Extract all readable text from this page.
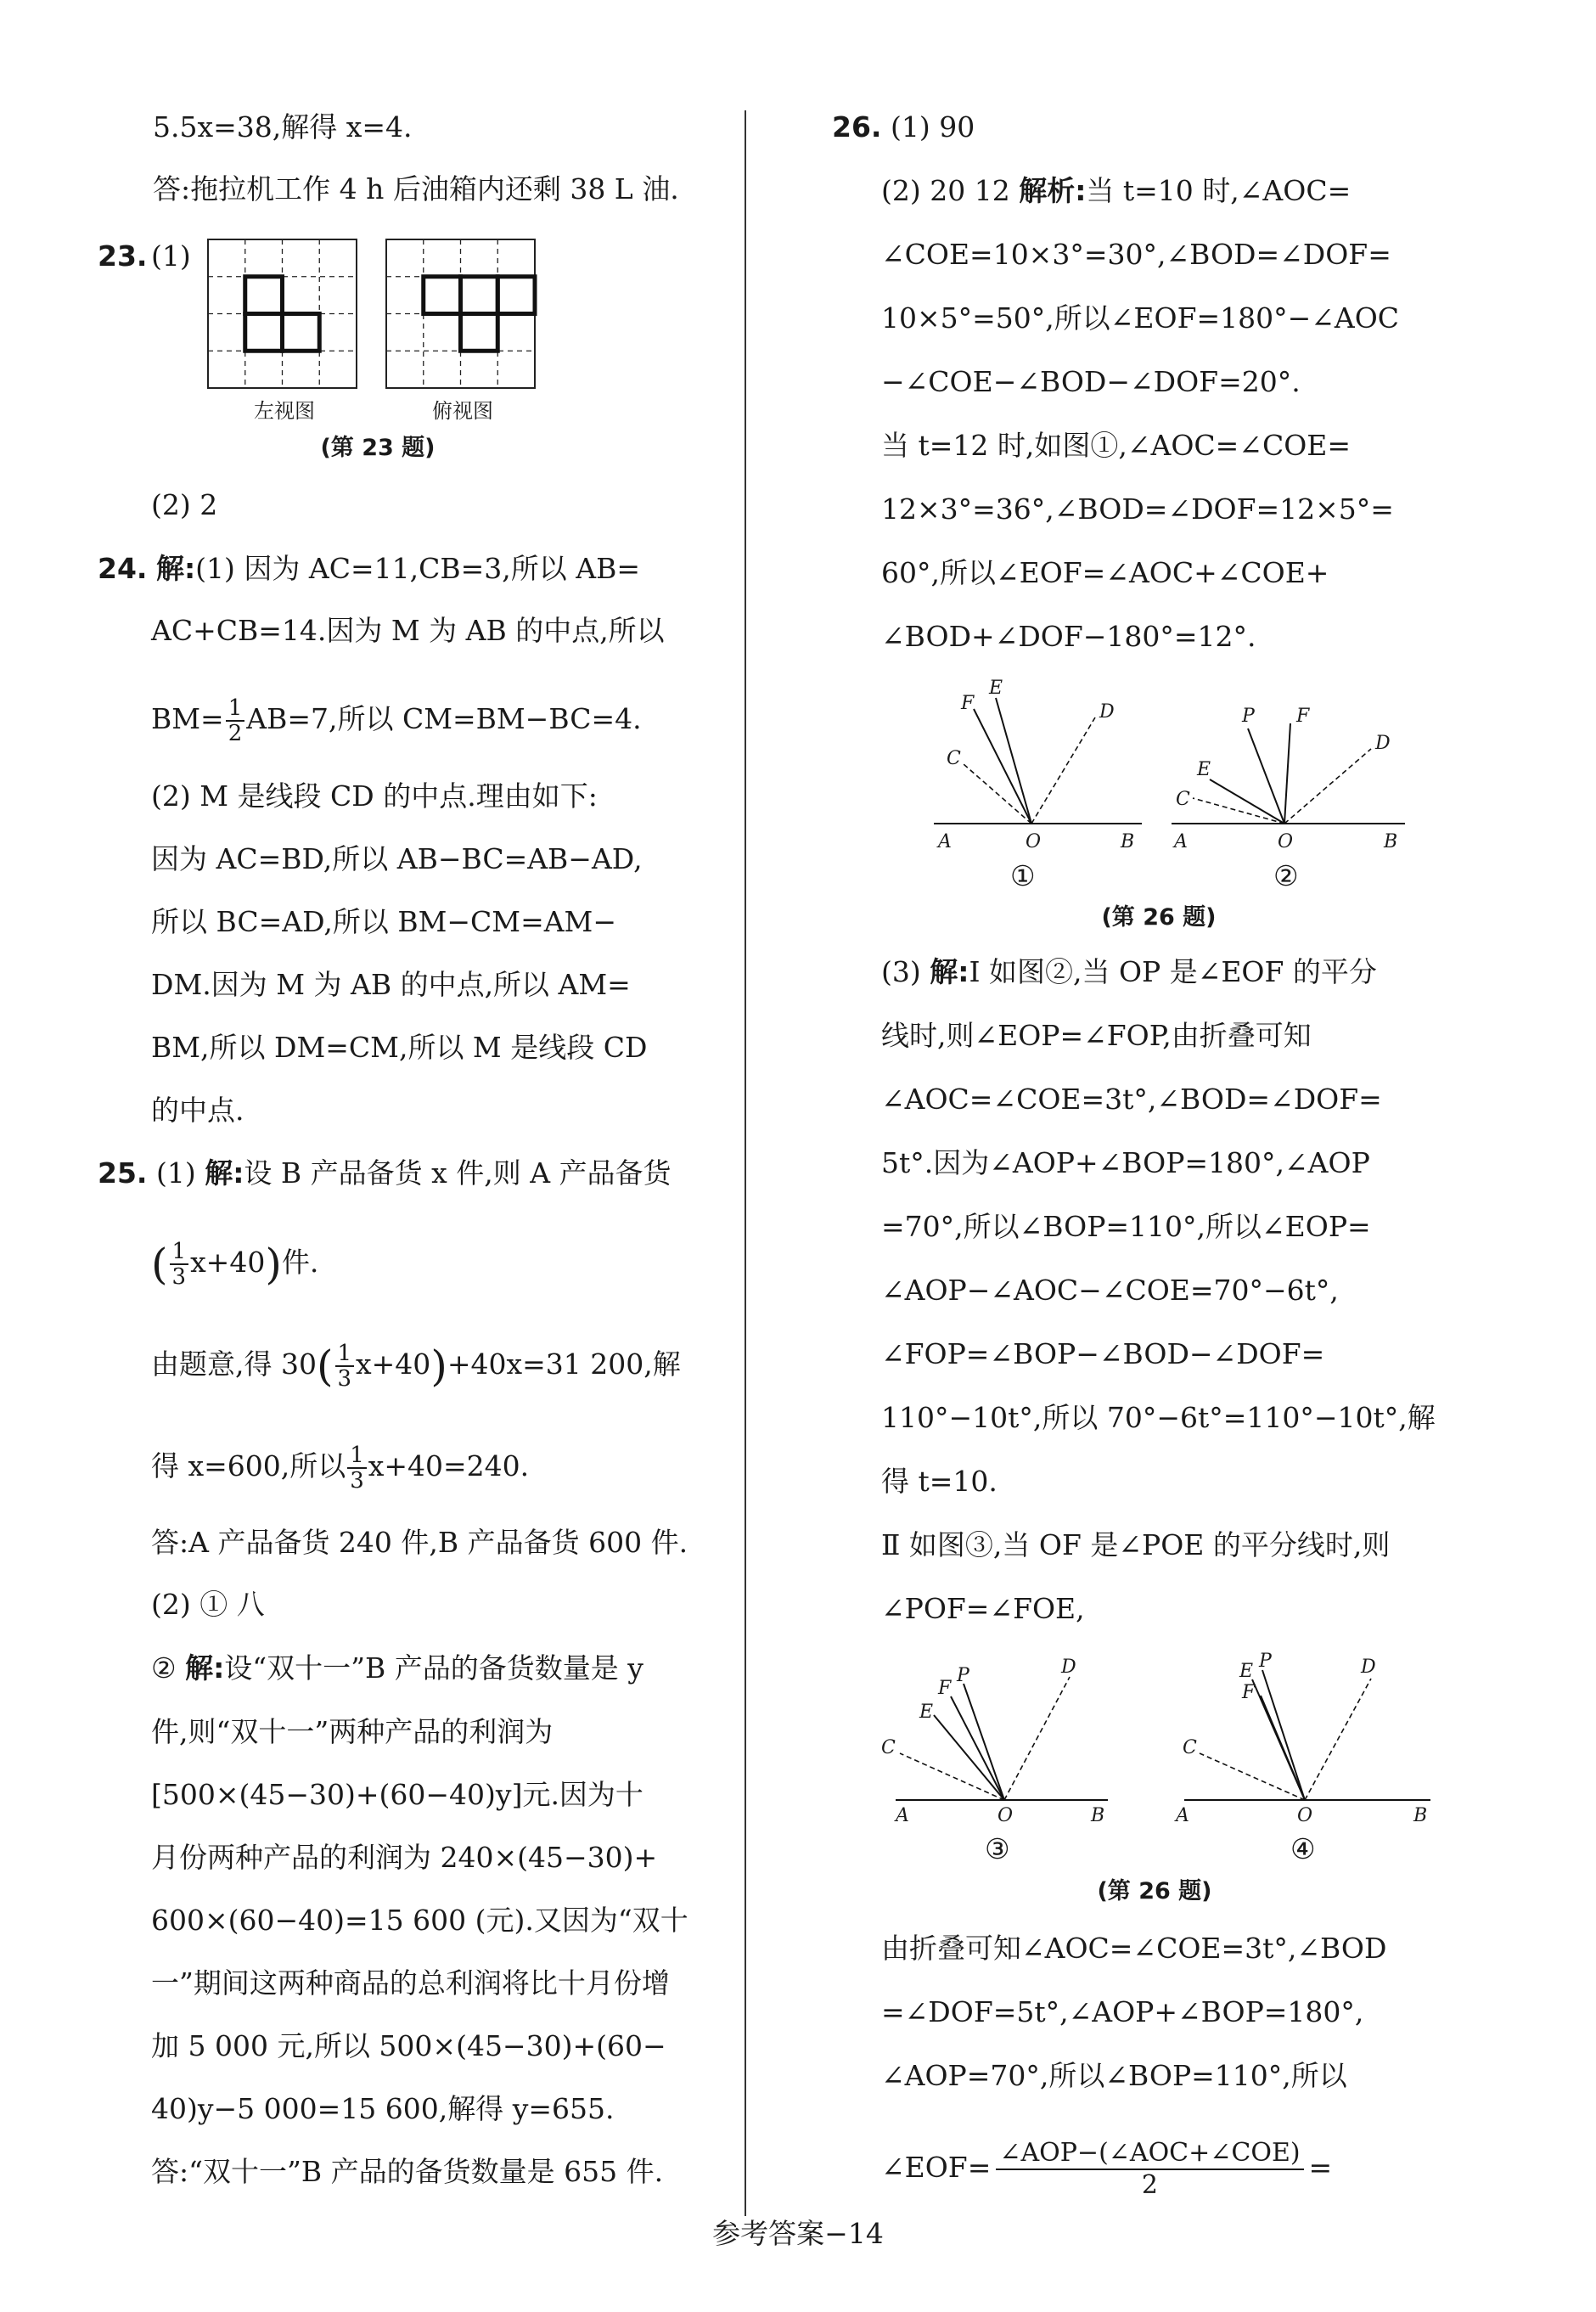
5.5x=38,解得 x=4.
答:拖拉机工作 4 h 后油箱内还剩 38 L 油.
23. (1)
左视图	俯视图
(第 23 题)
(2) 2
24. 解:(1) 因为 AC=11,CB=3,所以 AB=
AC+CB=14.因为 M 为 AB 的中点,所以
$BM= \frac{1}{2} AB=7$,所以 CM=BM−BC=4.
(2) M 是线段 CD 的中点.理由如下:
因为 AC=BD,所以 AB−BC=AB−AD,
所以 BC=AD,所以 BM−CM=AM−
DM.因为 M 为 AB 的中点,所以 AM=
BM,所以 DM=CM,所以 M 是线段 CD
的中点.
25. (1) 解:设 B 产品备货 x 件,则 A 产品备货
( $\frac{1}{3} x+40$)件.
由题意,得 $30( \frac{1}{3} x+40)+40x=31$ 200,解
得 x=600,所以 $\frac{1}{3} x+40=240$.
答:A 产品备货 240 件,B 产品备货 600 件.
(2) ① 八
② 解:设“双十一”B 产品的备货数量是 y
件,则“双十一”两种产品的利润为
[500×(45−30)+(60−40)y]元.因为十
月份两种产品的利润为 240×(45−30)+
600×(60−40)=15 600 (元).又因为“双十
一”期间这两种商品的总利润将比十月份增
加 5 000 元,所以 500×(45−30)+(60−
40)y−5 000=15 600,解得 y=655.
答:“双十一”B 产品的备货数量是 655 件.
26. (1) 90
(2) 20 12 解析:当 t=10 时,∠AOC=
∠COE=10×3°=30°,∠BOD=∠DOF=
10×5°=50°,所以∠EOF=180°−∠AOC
−∠COE−∠BOD−∠DOF=20°.
当 t=12 时,如图①,∠AOC=∠COE=
12×3°=36°,∠BOD=∠DOF=12×5°=
60°,所以∠EOF=∠AOC+∠COE+
∠BOD+∠DOF−180°=12°.
A	O	B
C
F
E
D
A	O	B
C
E
P F
D
①	②
(第 26 题)
(3) 解:Ⅰ 如图②,当 OP 是∠EOF 的平分
线时,则∠EOP=∠FOP,由折叠可知
∠AOC=∠COE=3t°,∠BOD=∠DOF=
5t°.因为∠AOP+∠BOP=180°,∠AOP
=70°,所以∠BOP=110°,所以∠EOP=
∠AOP−∠AOC−∠COE=70°−6t°,
∠FOP=∠BOP−∠BOD−∠DOF=
110°−10t°,所以 70°−6t°=110°−10t°,解
得 t=10.
Ⅱ 如图③,当 OF 是∠POE 的平分线时,则
∠POF=∠FOE,
A	O	B
C
E
F
P	D
A	O	B
C
F
E P	D
③	④
(第 26 题)
由折叠可知∠AOC=∠COE=3t°,∠BOD
=∠DOF=5t°,∠AOP+∠BOP=180°,
∠AOP=70°,所以∠BOP=110°,所以
∠EOF= ∠AOP−(∠AOC+∠COE)
2
=
参考答案−14
